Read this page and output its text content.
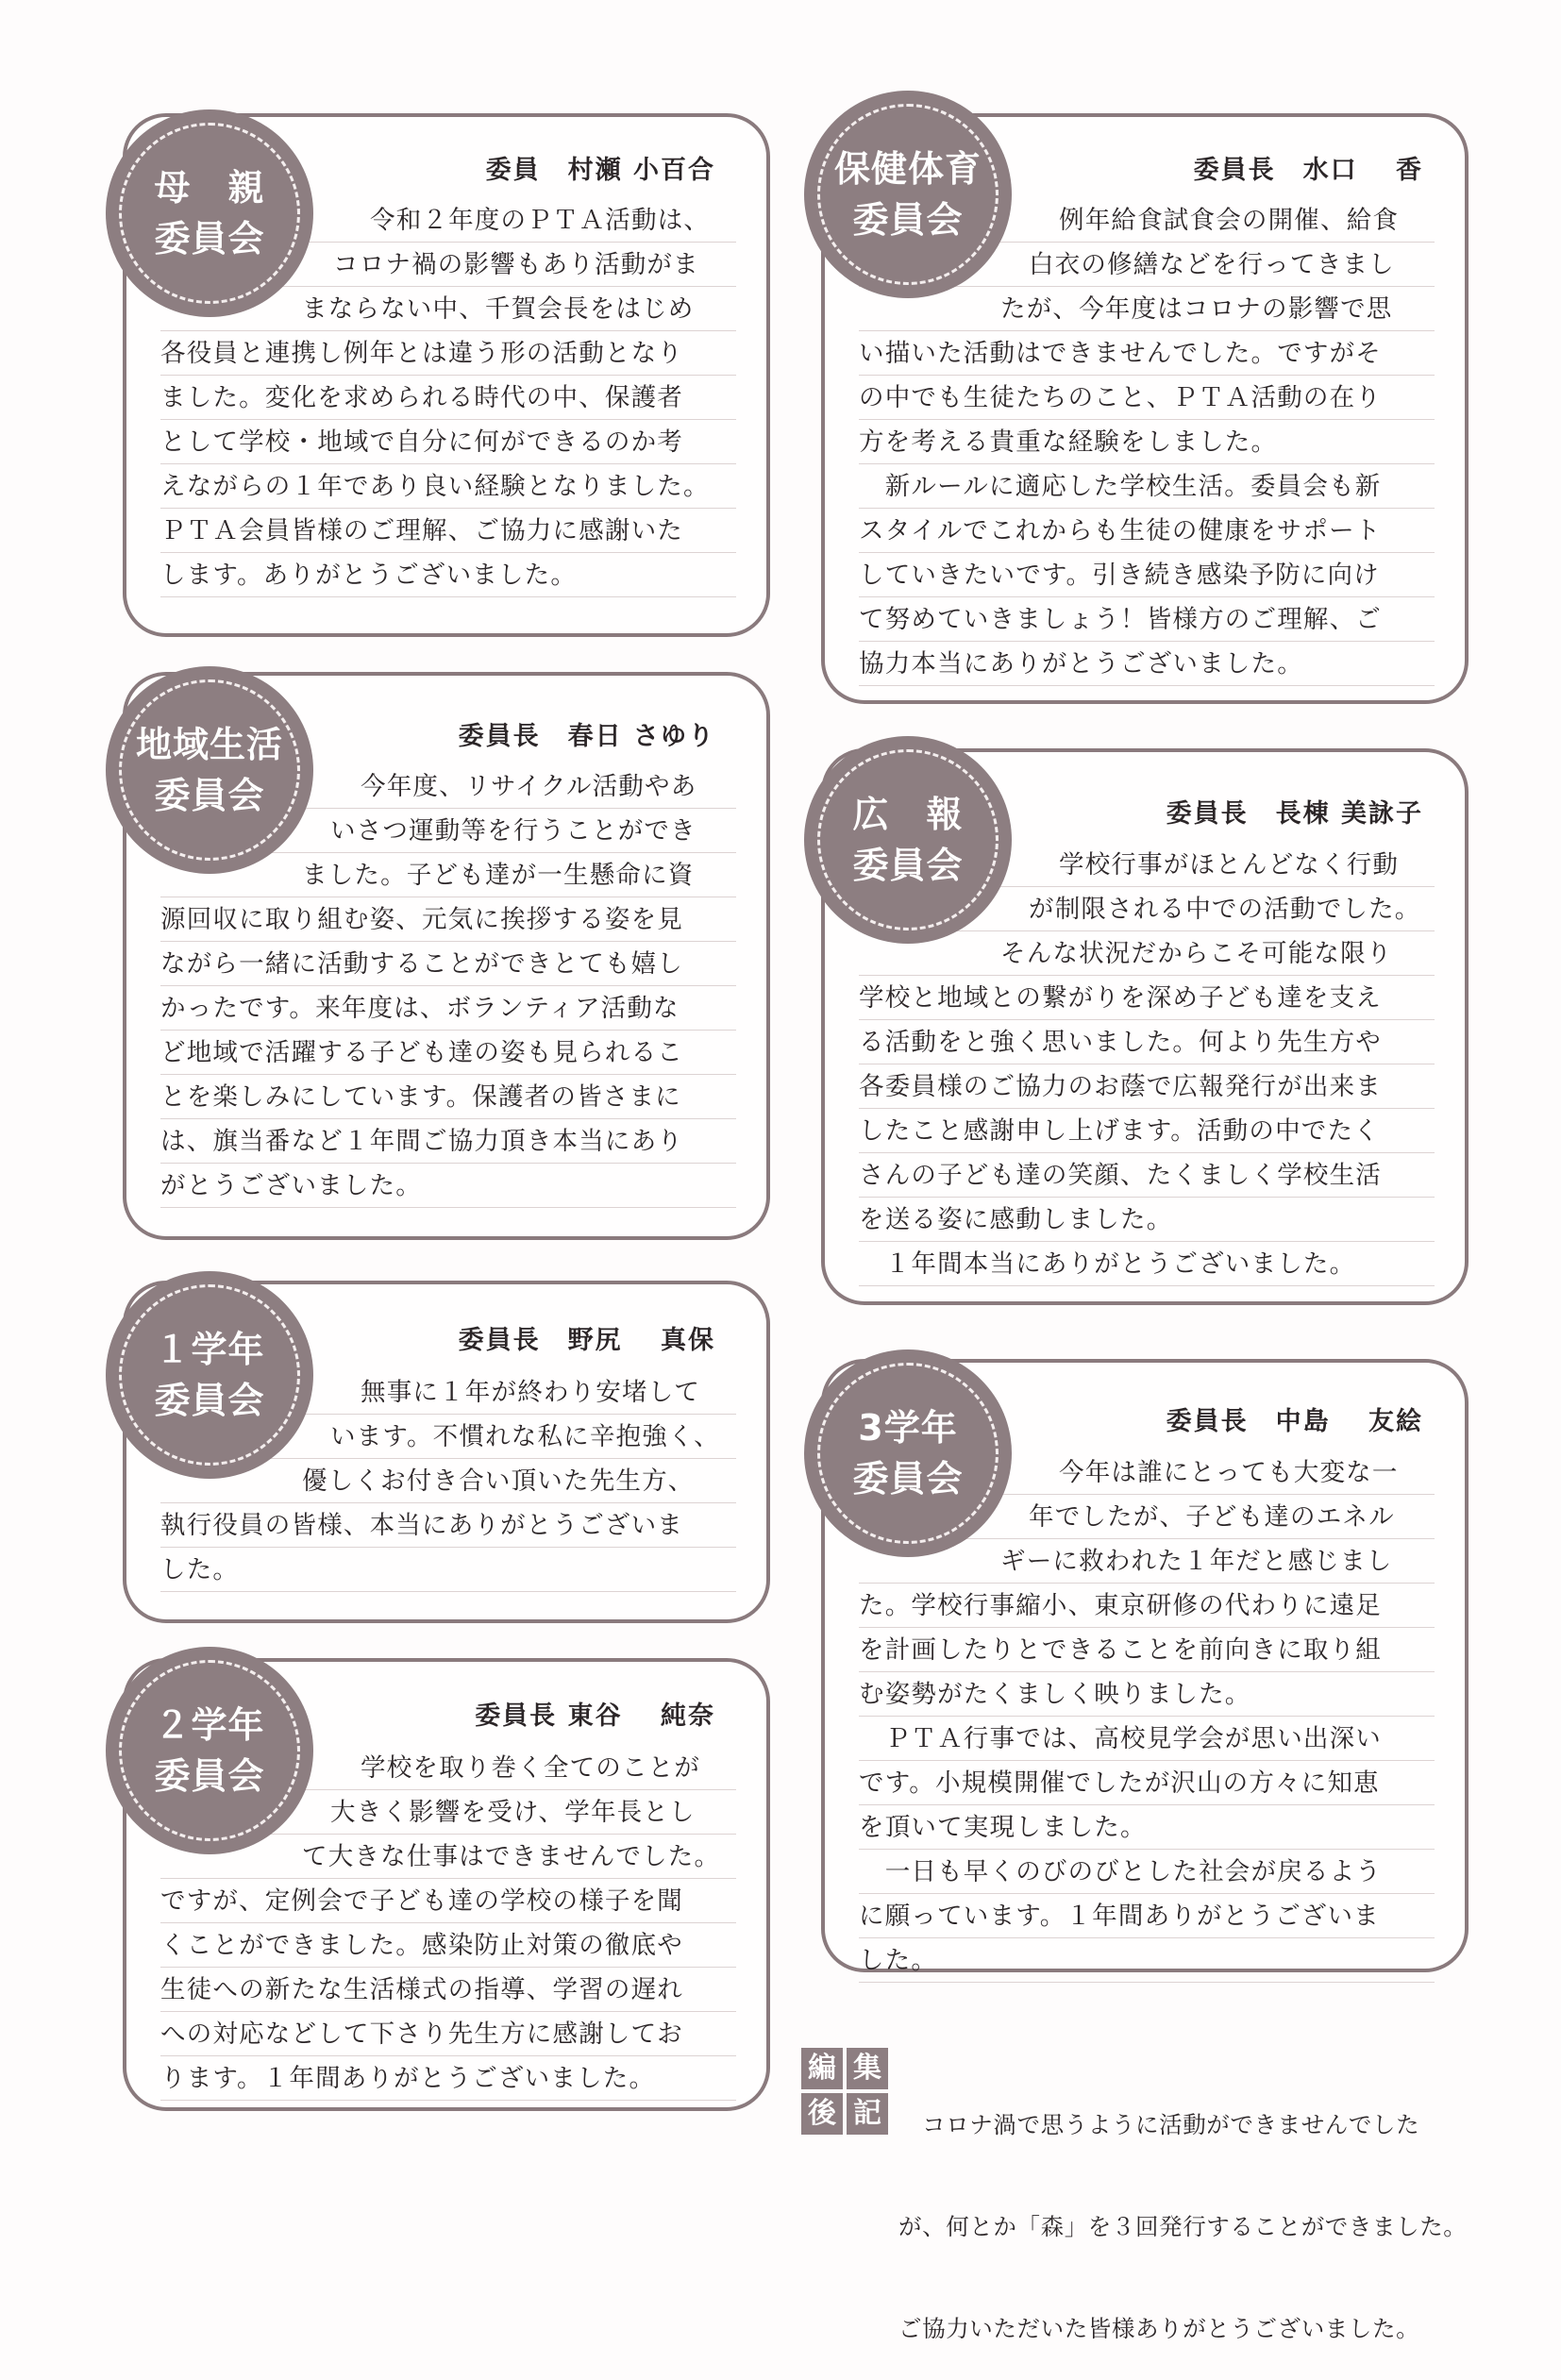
母　親
委員会
委員　村瀬 小百合
令和２年度のＰＴＡ活動は、
コロナ禍の影響もあり活動がま
まならない中、千賀会長をはじめ
各役員と連携し例年とは違う形の活動となり
ました。変化を求められる時代の中、保護者
として学校・地域で自分に何ができるのか考
えながらの１年であり良い経験となりました。
ＰＴＡ会員皆様のご理解、ご協力に感謝いた
します。ありがとうございました。
保健体育
委員会
委員長　水口　 香
例年給食試食会の開催、給食
白衣の修繕などを行ってきまし
たが、今年度はコロナの影響で思
い描いた活動はできませんでした。ですがそ
の中でも生徒たちのこと、ＰＴＡ活動の在り
方を考える貴重な経験をしました。
　新ルールに適応した学校生活。委員会も新
スタイルでこれからも生徒の健康をサポート
していきたいです。引き続き感染予防に向け
て努めていきましょう！皆様方のご理解、ご
協力本当にありがとうございました。
地域生活
委員会
委員長　春日 さゆり
今年度、リサイクル活動やあ
いさつ運動等を行うことができ
ました。子ども達が一生懸命に資
源回収に取り組む姿、元気に挨拶する姿を見
ながら一緒に活動することができとても嬉し
かったです。来年度は、ボランティア活動な
ど地域で活躍する子ども達の姿も見られるこ
とを楽しみにしています。保護者の皆さまに
は、旗当番など１年間ご協力頂き本当にあり
がとうございました。
広　報
委員会
委員長　長棟 美詠子
学校行事がほとんどなく行動
が制限される中での活動でした。
そんな状況だからこそ可能な限り
学校と地域との繋がりを深め子ども達を支え
る活動をと強く思いました。何より先生方や
各委員様のご協力のお蔭で広報発行が出来ま
したこと感謝申し上げます。活動の中でたく
さんの子ども達の笑顔、たくましく学校生活
を送る姿に感動しました。
　１年間本当にありがとうございました。
１学年
委員会
委員長　野尻　 真保
無事に１年が終わり安堵して
います。不慣れな私に辛抱強く、
優しくお付き合い頂いた先生方、
執行役員の皆様、本当にありがとうございま
した。
3学年
委員会
委員長　中島　 友絵
今年は誰にとっても大変な一
年でしたが、子ども達のエネル
ギーに救われた１年だと感じまし
た。学校行事縮小、東京研修の代わりに遠足
を計画したりとできることを前向きに取り組
む姿勢がたくましく映りました。
　ＰＴＡ行事では、高校見学会が思い出深い
です。小規模開催でしたが沢山の方々に知恵
を頂いて実現しました。
　一日も早くのびのびとした社会が戻るよう
に願っています。１年間ありがとうございま
した。
２学年
委員会
委員長 東谷　 純奈
学校を取り巻く全てのことが
大きく影響を受け、学年長とし
て大きな仕事はできませんでした。
ですが、定例会で子ども達の学校の様子を聞
くことができました。感染防止対策の徹底や
生徒への新たな生活様式の指導、学習の遅れ
への対応などして下さり先生方に感謝してお
ります。１年間ありがとうございました。	編 集
後 記

　コロナ渦で思うように活動ができませんでした

が、何とか「森」を３回発行することができました。

ご協力いただいた皆様ありがとうございました。
